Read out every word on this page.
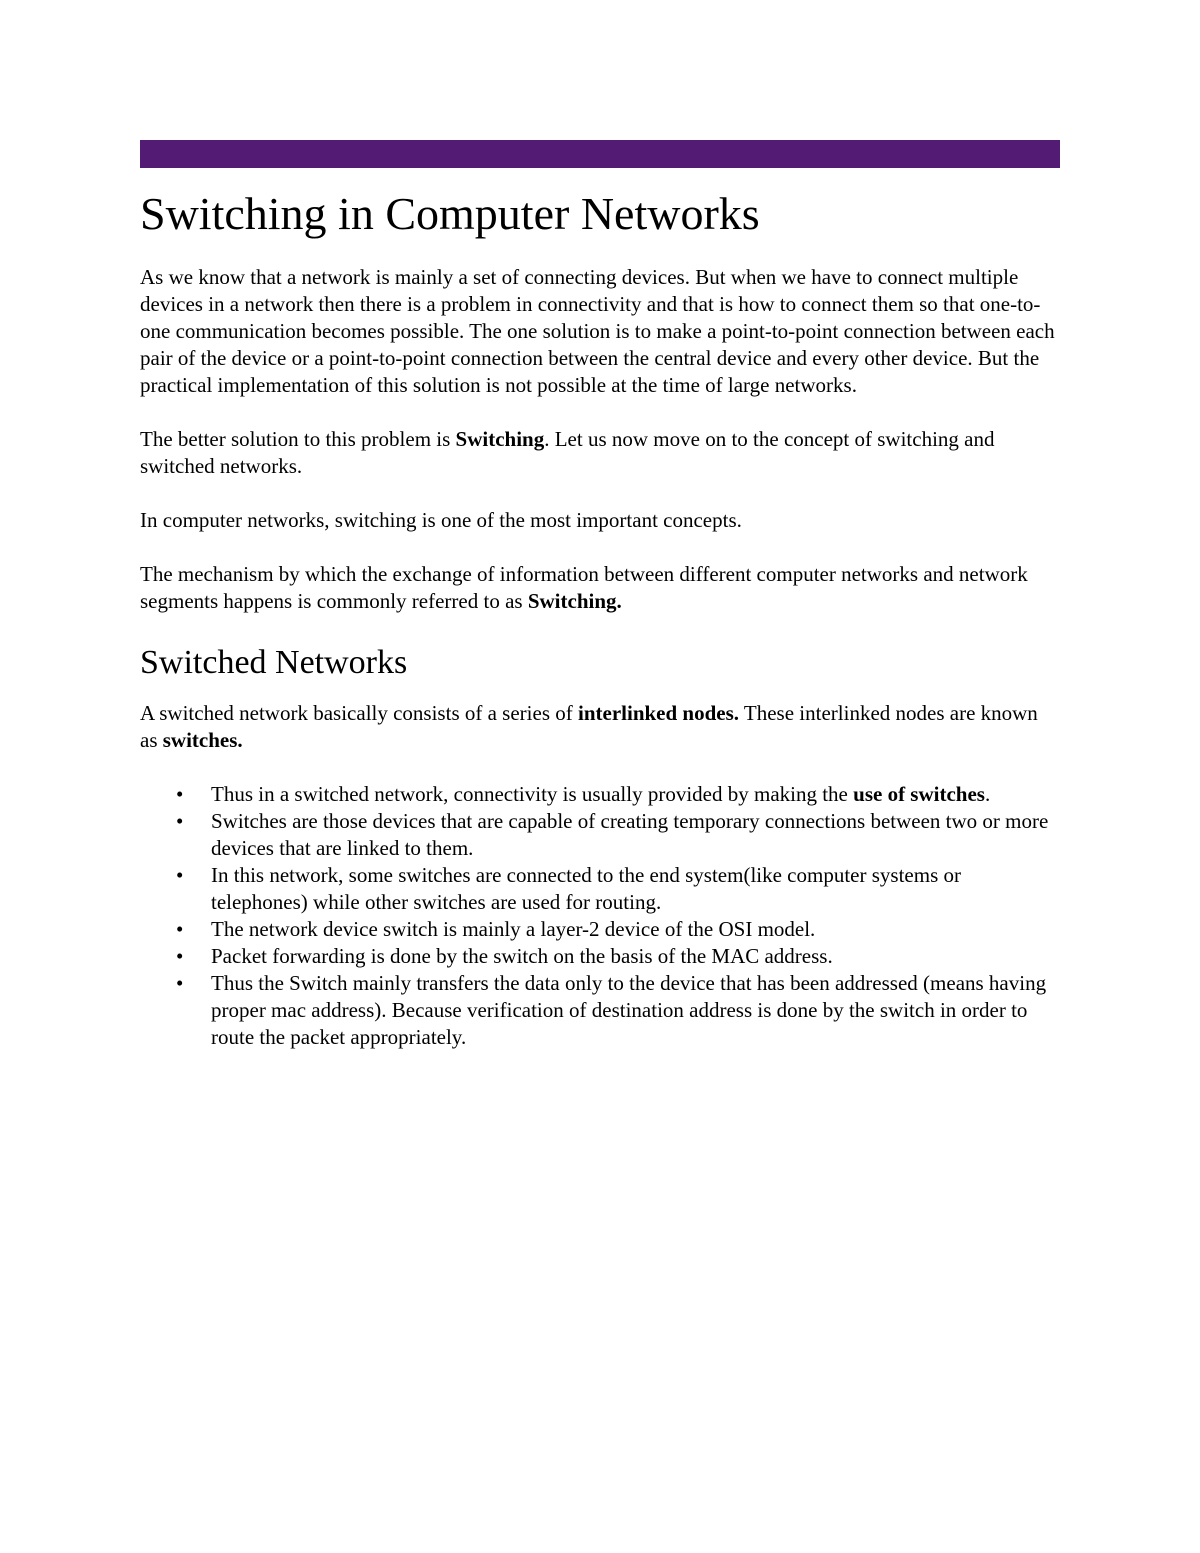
Switching in Computer Networks

As we know that a network is mainly a set of connecting devices. But when we have to connect multiple devices in a network then there is a problem in connectivity and that is how to connect them so that one-to-one communication becomes possible. The one solution is to make a point-to-point connection between each pair of the device or a point-to-point connection between the central device and every other device. But the practical implementation of this solution is not possible at the time of large networks.

The better solution to this problem is Switching. Let us now move on to the concept of switching and switched networks.

In computer networks, switching is one of the most important concepts.

The mechanism by which the exchange of information between different computer networks and network segments happens is commonly referred to as Switching.

Switched Networks

A switched network basically consists of a series of interlinked nodes. These interlinked nodes are known as switches.

• Thus in a switched network, connectivity is usually provided by making the use of switches.
• Switches are those devices that are capable of creating temporary connections between two or more devices that are linked to them.
• In this network, some switches are connected to the end system(like computer systems or telephones) while other switches are used for routing.
• The network device switch is mainly a layer-2 device of the OSI model.
• Packet forwarding is done by the switch on the basis of the MAC address.
• Thus the Switch mainly transfers the data only to the device that has been addressed (means having proper mac address). Because verification of destination address is done by the switch in order to route the packet appropriately.
